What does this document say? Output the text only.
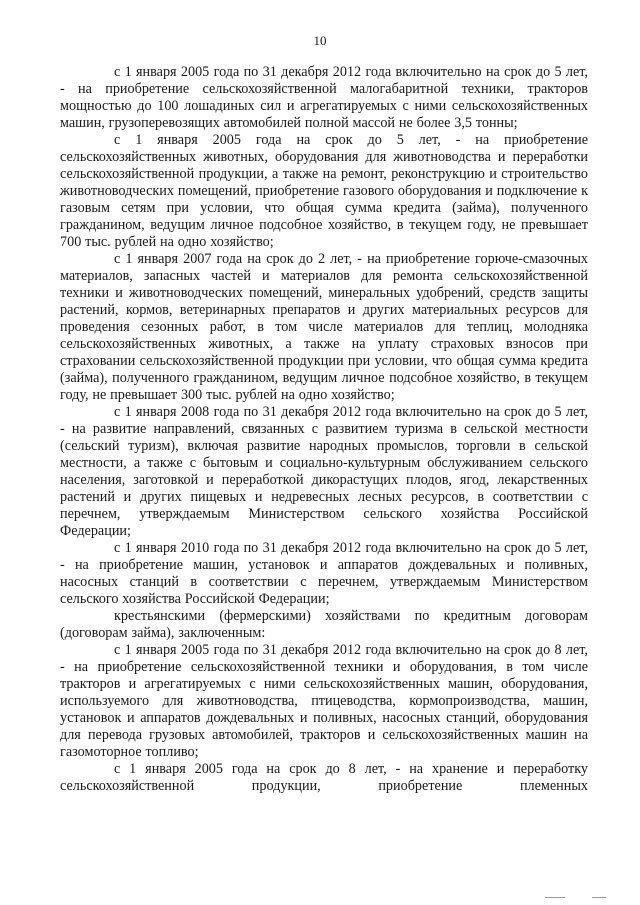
10

с 1 января 2005 года по 31 декабря 2012 года включительно на срок до 5 лет, - на приобретение сельскохозяйственной малогабаритной техники, тракторов мощностью до 100 лошадиных сил и агрегатируемых с ними сельскохозяйственных машин, грузоперевозящих автомобилей полной массой не более 3,5 тонны;

с 1 января 2005 года на срок до 5 лет, - на приобретение сельскохозяйственных животных, оборудования для животноводства и переработки сельскохозяйственной продукции, а также на ремонт, реконструкцию и строительство животноводческих помещений, приобретение газового оборудования и подключение к газовым сетям при условии, что общая сумма кредита (займа), полученного гражданином, ведущим личное подсобное хозяйство, в текущем году, не превышает 700 тыс. рублей на одно хозяйство;

с 1 января 2007 года на срок до 2 лет, - на приобретение горюче-смазочных материалов, запасных частей и материалов для ремонта сельскохозяйственной техники и животноводческих помещений, минеральных удобрений, средств защиты растений, кормов, ветеринарных препаратов и других материальных ресурсов для проведения сезонных работ, в том числе материалов для теплиц, молодняка сельскохозяйственных животных, а также на уплату страховых взносов при страховании сельскохозяйственной продукции при условии, что общая сумма кредита (займа), полученного гражданином, ведущим личное подсобное хозяйство, в текущем году, не превышает 300 тыс. рублей на одно хозяйство;

с 1 января 2008 года по 31 декабря 2012 года включительно на срок до 5 лет, - на развитие направлений, связанных с развитием туризма в сельской местности (сельский туризм), включая развитие народных промыслов, торговли в сельской местности, а также с бытовым и социально-культурным обслуживанием сельского населения, заготовкой и переработкой дикорастущих плодов, ягод, лекарственных растений и других пищевых и недревесных лесных ресурсов, в соответствии с перечнем, утверждаемым Министерством сельского хозяйства Российской Федерации;

с 1 января 2010 года по 31 декабря 2012 года включительно на срок до 5 лет, - на приобретение машин, установок и аппаратов дождевальных и поливных, насосных станций в соответствии с перечнем, утверждаемым Министерством сельского хозяйства Российской Федерации;

крестьянскими (фермерскими) хозяйствами по кредитным договорам (договорам займа), заключенным:

с 1 января 2005 года по 31 декабря 2012 года включительно на срок до 8 лет, - на приобретение сельскохозяйственной техники и оборудования, в том числе тракторов и агрегатируемых с ними сельскохозяйственных машин, оборудования, используемого для животноводства, птицеводства, кормопроизводства, машин, установок и аппаратов дождевальных и поливных, насосных станций, оборудования для перевода грузовых автомобилей, тракторов и сельскохозяйственных машин на газомоторное топливо;

с 1 января 2005 года на срок до 8 лет, - на хранение и переработку сельскохозяйственной продукции, приобретение племенных
